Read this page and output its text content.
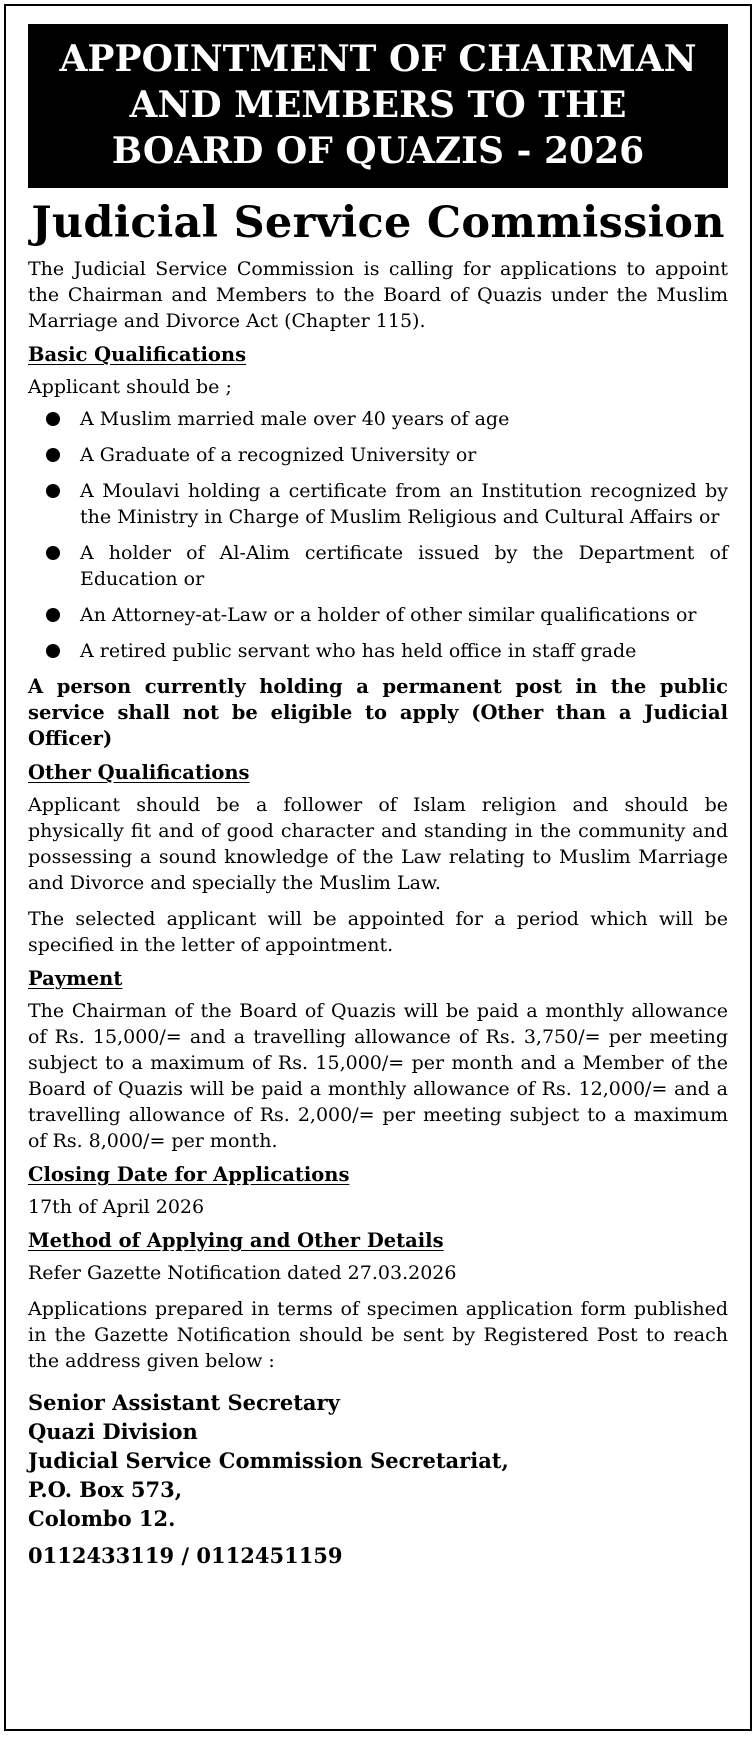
APPOINTMENT OF CHAIRMAN
AND MEMBERS TO THE
BOARD OF QUAZIS - 2026
Judicial Service Commission

The Judicial Service Commission is calling for applications to appoint the Chairman and Members to the Board of Quazis under the Muslim Marriage and Divorce Act (Chapter 115).

Basic Qualifications

Applicant should be ;

A Muslim married male over 40 years of age
A Graduate of a recognized University or
A Moulavi holding a certificate from an Institution recognized by the Ministry in Charge of Muslim Religious and Cultural Affairs or
A holder of Al-Alim certificate issued by the Department of Education or
An Attorney-at-Law or a holder of other similar qualifications or
A retired public servant who has held office in staff grade

A person currently holding a permanent post in the public service shall not be eligible to apply (Other than a Judicial Officer)

Other Qualifications

Applicant should be a follower of Islam religion and should be physically fit and of good character and standing in the community and possessing a sound knowledge of the Law relating to Muslim Marriage and Divorce and specially the Muslim Law.

The selected applicant will be appointed for a period which will be specified in the letter of appointment.

Payment

The Chairman of the Board of Quazis will be paid a monthly allowance of Rs. 15,000/= and a travelling allowance of Rs. 3,750/= per meeting subject to a maximum of Rs. 15,000/= per month and a Member of the Board of Quazis will be paid a monthly allowance of Rs. 12,000/= and a travelling allowance of Rs. 2,000/= per meeting subject to a maximum of Rs. 8,000/= per month.

Closing Date for Applications

17th of April 2026

Method of Applying and Other Details

Refer Gazette Notification dated 27.03.2026

Applications prepared in terms of specimen application form published in the Gazette Notification should be sent by Registered Post to reach the address given below :

Senior Assistant Secretary
Quazi Division
Judicial Service Commission Secretariat,
P.O. Box 573,
Colombo 12.
0112433119 / 0112451159
